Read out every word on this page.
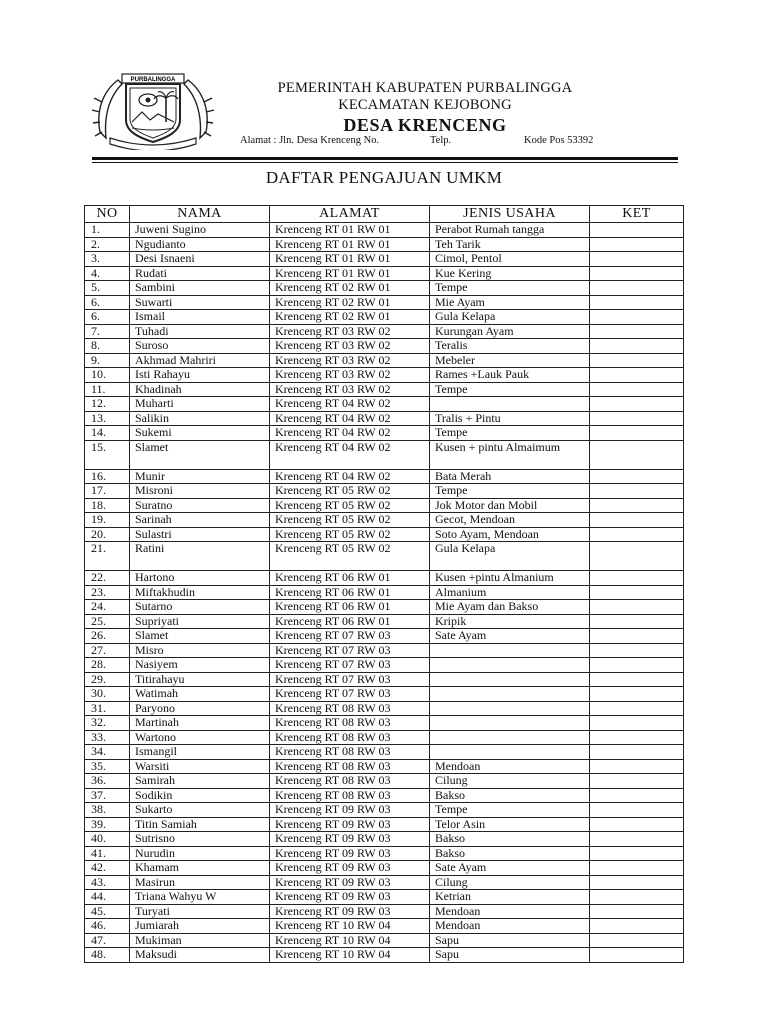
PURBALINGGA	PEMERINTAH KABUPATEN PURBALINGGA
KECAMATAN KEJOBONG
DESA KRENCENG
Alamat : Jln. Desa Krenceng No.	Telp.	Kode Pos 53392
DAFTAR PENGAJUAN UMKM
NO	NAMA	ALAMAT	JENIS USAHA	KET
1.	Juweni Sugino	Krenceng RT 01 RW 01	Perabot Rumah tangga	
2.	Ngudianto	Krenceng RT 01 RW 01	Teh Tarik	
3.	Desi Isnaeni	Krenceng RT 01 RW 01	Cimol, Pentol	
4.	Rudati	Krenceng RT 01 RW 01	Kue Kering	
5.	Sambini	Krenceng RT 02 RW 01	Tempe	
6.	Suwarti	Krenceng RT 02 RW 01	Mie Ayam	
6.	Ismail	Krenceng RT 02 RW 01	Gula Kelapa	
7.	Tuhadi	Krenceng RT 03 RW 02	Kurungan Ayam	
8.	Suroso	Krenceng RT 03 RW 02	Teralis	
9.	Akhmad Mahriri	Krenceng RT 03 RW 02	Mebeler	
10.	Isti Rahayu	Krenceng RT 03 RW 02	Rames +Lauk Pauk	
11.	Khadinah	Krenceng RT 03 RW 02	Tempe	
12.	Muharti	Krenceng RT 04 RW 02		
13.	Salikin	Krenceng RT 04 RW 02	Tralis + Pintu	
14.	Sukemi	Krenceng RT 04 RW 02	Tempe	
15.	Slamet	Krenceng RT 04 RW 02	Kusen + pintu Almaimum	
16.	Munir	Krenceng RT 04 RW 02	Bata Merah	
17.	Misroni	Krenceng RT 05 RW 02	Tempe	
18.	Suratno	Krenceng RT 05 RW 02	Jok Motor dan Mobil	
19.	Sarinah	Krenceng RT 05 RW 02	Gecot, Mendoan	
20.	Sulastri	Krenceng RT 05 RW 02	Soto Ayam, Mendoan	
21.	Ratini	Krenceng RT 05 RW 02	Gula Kelapa	
22.	Hartono	Krenceng RT 06 RW 01	Kusen +pintu Almanium	
23.	Miftakhudin	Krenceng RT 06 RW 01	Almanium	
24.	Sutarno	Krenceng RT 06 RW 01	Mie Ayam dan Bakso	
25.	Supriyati	Krenceng RT 06 RW 01	Kripik	
26.	Slamet	Krenceng RT 07 RW 03	Sate Ayam	
27.	Misro	Krenceng RT 07 RW 03		
28.	Nasiyem	Krenceng RT 07 RW 03		
29.	Titirahayu	Krenceng RT 07 RW 03		
30.	Watimah	Krenceng RT 07 RW 03		
31.	Paryono	Krenceng RT 08 RW 03		
32.	Martinah	Krenceng RT 08 RW 03		
33.	Wartono	Krenceng RT 08 RW 03		
34.	Ismangil	Krenceng RT 08 RW 03		
35.	Warsiti	Krenceng RT 08 RW 03	Mendoan	
36.	Samirah	Krenceng RT 08 RW 03	Cilung	
37.	Sodikin	Krenceng RT 08 RW 03	Bakso	
38.	Sukarto	Krenceng RT 09 RW 03	Tempe	
39.	Titin Samiah	Krenceng RT 09 RW 03	Telor Asin	
40.	Sutrisno	Krenceng RT 09 RW 03	Bakso	
41.	Nurudin	Krenceng RT 09 RW 03	Bakso	
42.	Khamam	Krenceng RT 09 RW 03	Sate Ayam	
43.	Masirun	Krenceng RT 09 RW 03	Cilung	
44.	Triana Wahyu W	Krenceng RT 09 RW 03	Ketrian	
45.	Turyati	Krenceng RT 09 RW 03	Mendoan	
46.	Jumiarah	Krenceng RT 10 RW 04	Mendoan	
47.	Mukiman	Krenceng RT 10 RW 04	Sapu	
48.	Maksudi	Krenceng RT 10 RW 04	Sapu	
